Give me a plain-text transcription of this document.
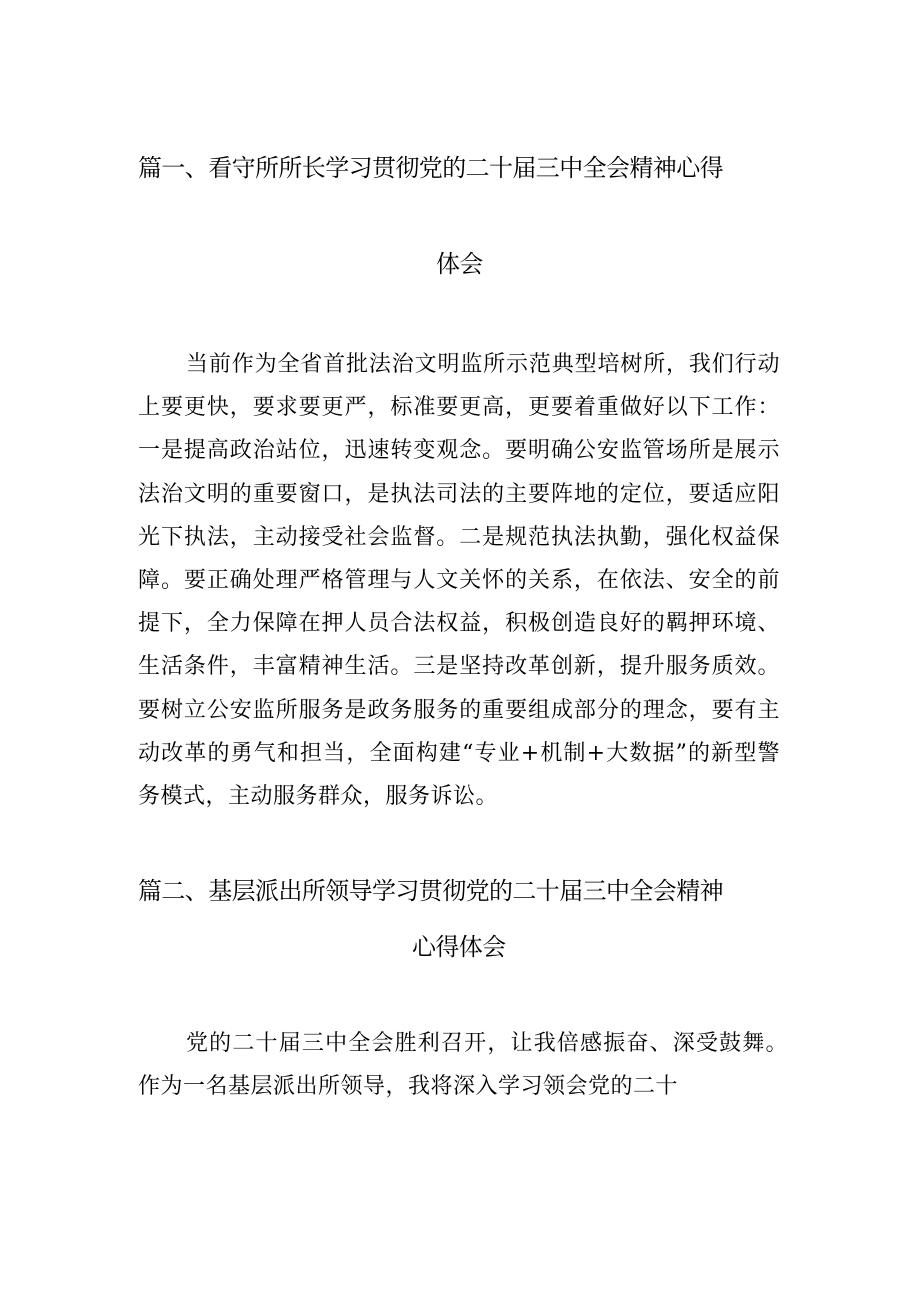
篇一、看守所所长学习贯彻党的二十届三中全会精神心得
体会

当前作为全省首批法治文明监所示范典型培树所，我们行动上要更快，要求要更严，标准要更高，更要着重做好以下工作：一是提高政治站位，迅速转变观念。要明确公安监管场所是展示法治文明的重要窗口，是执法司法的主要阵地的定位，要适应阳光下执法，主动接受社会监督。二是规范执法执勤，强化权益保障。要正确处理严格管理与人文关怀的关系，在依法、安全的前提下，全力保障在押人员合法权益，积极创造良好的羁押环境、生活条件，丰富精神生活。三是坚持改革创新，提升服务质效。要树立公安监所服务是政务服务的重要组成部分的理念，要有主动改革的勇气和担当，全面构建“专业+机制+大数据”的新型警务模式，主动服务群众，服务诉讼。

篇二、基层派出所领导学习贯彻党的二十届三中全会精神
心得体会

党的二十届三中全会胜利召开，让我倍感振奋、深受鼓舞。作为一名基层派出所领导，我将深入学习领会党的二十
